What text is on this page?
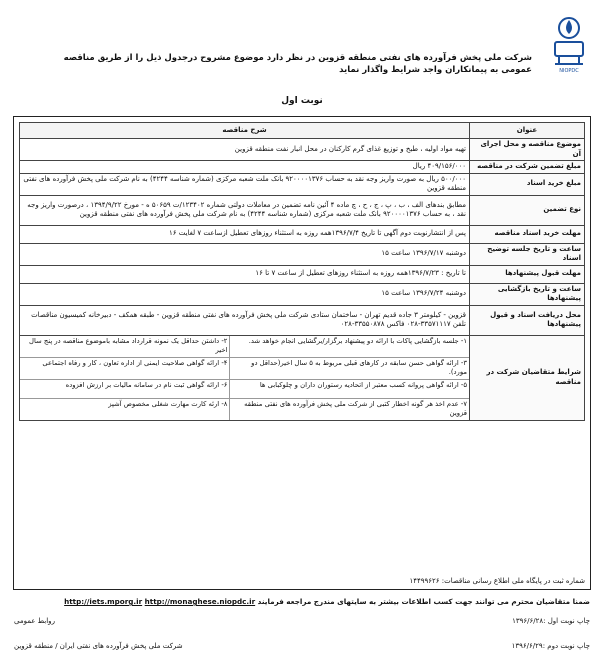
NIOPDC
شرکت ملی پخش فرآورده های نفتی منطقه قزوین در نظر دارد موضوع مشروح درجدول ذیل را از طریق مناقصه عمومی به پیمانکاران واجد شرایط واگذار نماید
نوبت اول
عنوان	شرح مناقصه
موضوع مناقصه و محل اجرای آن	تهیه مواد اولیه ، طبخ و توزیع غذای گرم کارکنان در محل انبار نفت منطقه قزوین
مبلغ تضمین شرکت در مناقصه	۴۰۹/۱۵۶/۰۰۰ ریال
مبلغ خرید اسناد	۵۰۰/۰۰۰ ریال به صورت واریز وجه نقد به حساب ۹۲۰۰۰۰۱۳۷۶ بانک ملت شعبه مرکزی (شماره شناسه ۴۲۴۴) به نام شرکت ملی پخش فرآورده های نفتی منطقه قزوین
نوع تضمین	مطابق بندهای الف ، ب ، پ ، ج ، ح ، چ ماده ۴ آئین نامه تضمین در معاملات دولتی شماره ۱۲۳۴۰۲/ت ۵۰۶۵۹ ه - مورخ ۱۳۹۴/۹/۲۲ ، درصورت واریز وجه نقد ، به حساب ۹۲۰۰۰۰۱۳۷۶ بانک ملت شعبه مرکزی (شماره شناسه ۴۲۴۴) به نام شرکت ملی پخش فرآورده های نفتی منطقه قزوین
مهلت خرید اسناد مناقصه	پس از انتشارنوبت دوم آگهی تا تاریخ ۱۳۹۶/۷/۴همه روزه به استثناء روزهای تعطیل ازساعت ۷ لغایت ۱۶
ساعت و تاریخ جلسه توضیح اسناد	دوشنبه ۱۳۹۶/۷/۱۷ ساعت ۱۵
مهلت قبول پیشنهادها	تا تاریخ : ۱۳۹۶/۷/۲۳همه روزه به استثناء روزهای تعطیل از ساعت ۷ تا ۱۶
ساعت و تاریخ بازگشایی پیشنهادها	دوشنبه ۱۳۹۶/۷/۲۴ ساعت ۱۵
محل دریافت اسناد و قبول پیشنهادها	قزوین - کیلومتر ۳ جاده قدیم تهران - ساختمان ستادی شرکت ملی پخش فرآورده های نفتی منطقه قزوین - طبقه همکف - دبیرخانه کمیسیون مناقصات تلفن ۳۳۵۷۱۱۱۷-۰۲۸ فاکس ۳۳۵۵۰۸۷۸-۰۲۸
شرایط متقاضیان شرکت در مناقصه	
۱- جلسه بازگشایی پاکات با ارائه دو پیشنهاد برگزار/برگشایی انجام خواهد شد.	۲- داشتن حداقل یک نمونه قرارداد مشابه باموضوع مناقصه در پنج سال اخیر
۳- ارائه گواهی حسن سابقه در کارهای قبلی مربوط به ۵ سال اخیر(حداقل دو مورد).	۴- ارائه گواهی صلاحیت ایمنی از اداره تعاون ، کار و رفاه اجتماعی
۵- ارائه گواهی پروانه کسب معتبر از اتحادیه رستوران داران و چلوکبابی ها	۶- ارائه گواهی ثبت نام در سامانه مالیات بر ارزش افزوده
۷- عدم اخذ هر گونه اخطار کتبی از شرکت ملی پخش فرآورده های نفتی منطقه قزوین	۸- ارئه کارت مهارت شغلی مخصوص آشپز
شماره ثبت در پایگاه ملی اطلاع رسانی مناقصات: ۱۴۴۹۹۶۲۶
ضمنا متقاضیان محترم می توانند جهت کسب اطلاعات بیشتر به سایتهای مندرج مراجعه فرمایند http://iets.mporg.ir http://monaghese.niopdc.ir
چاپ نوبت اول :۱۳۹۶/۶/۲۸
روابط عمومی
چاپ نوبت دوم :۱۳۹۶/۶/۲۹
شرکت ملی پخش فرآورده های نفتی ایران / منطقه قزوین
